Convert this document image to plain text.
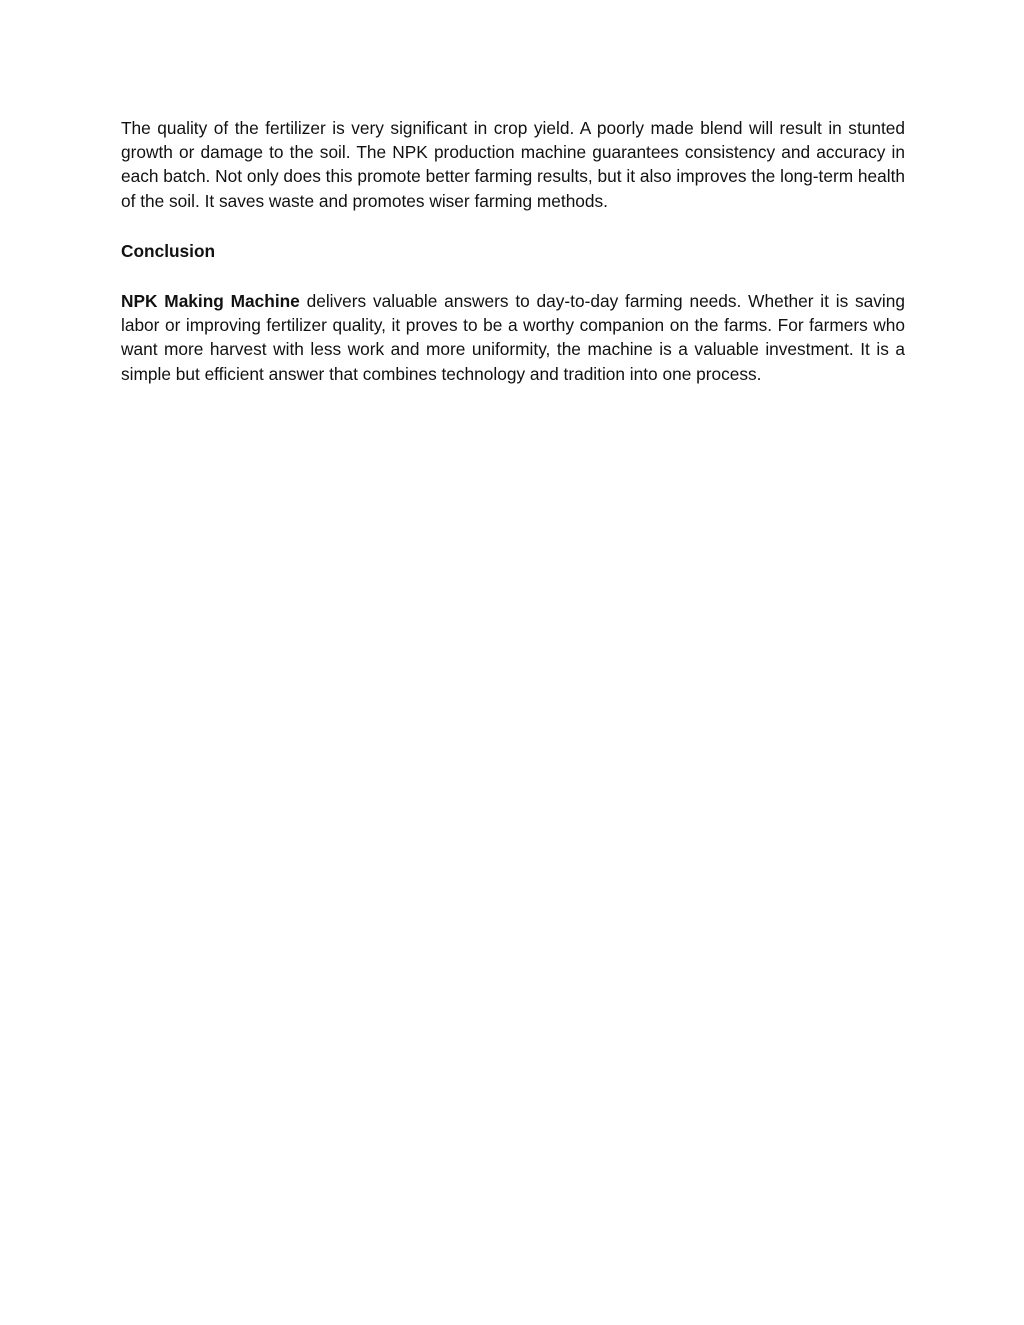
The quality of the fertilizer is very significant in crop yield. A poorly made blend will result in stunted growth or damage to the soil. The NPK production machine guarantees consistency and accuracy in each batch. Not only does this promote better farming results, but it also improves the long-term health of the soil. It saves waste and promotes wiser farming methods.

Conclusion

NPK Making Machine delivers valuable answers to day-to-day farming needs. Whether it is saving labor or improving fertilizer quality, it proves to be a worthy companion on the farms. For farmers who want more harvest with less work and more uniformity, the machine is a valuable investment. It is a simple but efficient answer that combines technology and tradition into one process.
